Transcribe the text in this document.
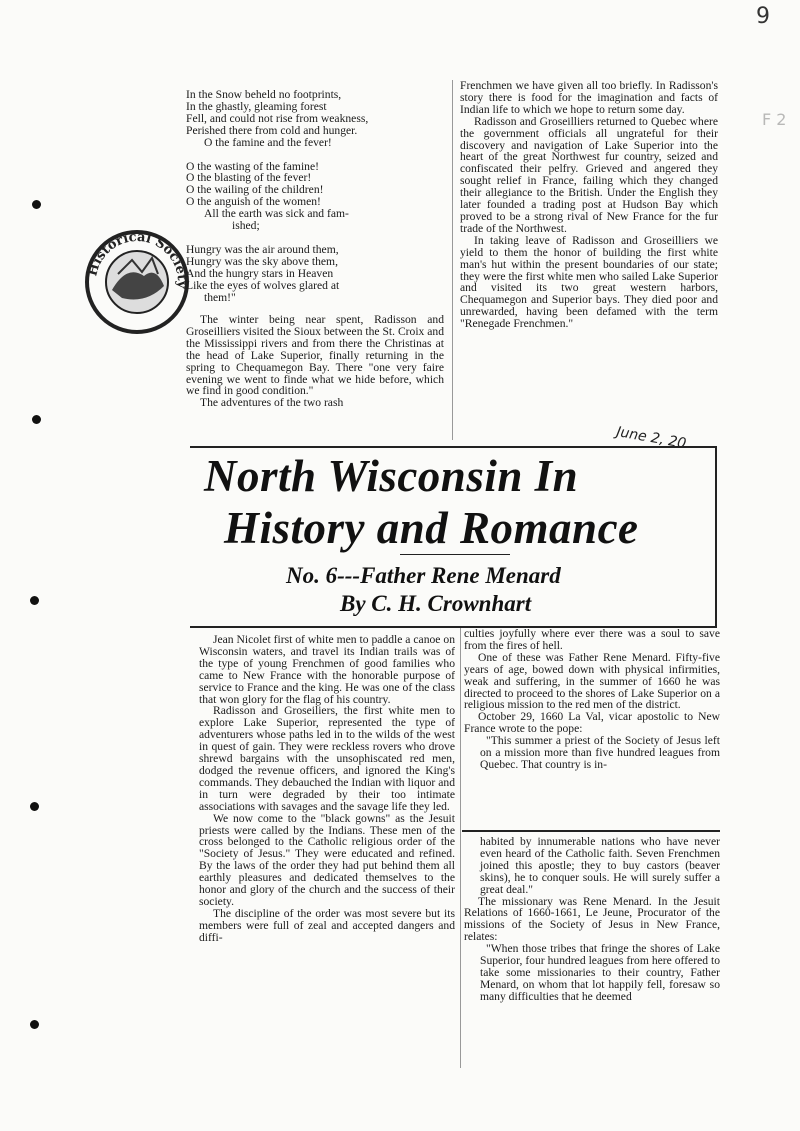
9
F 2
Historical Society
In the Snow beheld no footprints,
In the ghastly, gleaming forest
Fell, and could not rise from weakness,
Perished there from cold and hunger.
O the famine and the fever!
O the wasting of the famine!
O the blasting of the fever!
O the wailing of the children!
O the anguish of the women!
All the earth was sick and fam-
ished;
Hungry was the air around them,
Hungry was the sky above them,
And the hungry stars in Heaven
Like the eyes of wolves glared at
them!"

The winter being near spent, Radisson and Groseilliers visited the Sioux between the St. Croix and the Mississippi rivers and from there the Christinas at the head of Lake Superior, finally returning in the spring to Chequamegon Bay. There "one very faire evening we went to finde what we hide before, which we find in good condition."

The adventures of the two rash

Frenchmen we have given all too briefly. In Radisson's story there is food for the imagination and facts of Indian life to which we hope to return some day.

Radisson and Groseilliers returned to Quebec where the government officials all ungrateful for their discovery and navigation of Lake Superior into the heart of the great Northwest fur country, seized and confiscated their pelfry. Grieved and angered they sought relief in France, failing which they changed their allegiance to the British. Under the English they later founded a trading post at Hudson Bay which proved to be a strong rival of New France for the fur trade of the Northwest.

In taking leave of Radisson and Groseilliers we yield to them the honor of building the first white man's hut within the present boundaries of our state; they were the first white men who sailed Lake Superior and visited its two great western harbors, Chequamegon and Superior bays. They died poor and unrewarded, having been defamed with the term "Renegade Frenchmen."

June 2, 20
North Wisconsin In
History and Romance
No. 6---Father Rene Menard
By C. H. Crownhart

Jean Nicolet first of white men to paddle a canoe on Wisconsin waters, and travel its Indian trails was of the type of young Frenchmen of good families who came to New France with the honorable purpose of service to France and the king. He was one of the class that won glory for the flag of his country.

Radisson and Groseiliers, the first white men to explore Lake Superior, represented the type of adventurers whose paths led in to the wilds of the west in quest of gain. They were reckless rovers who drove shrewd bargains with the unsophiscated red men, dodged the revenue officers, and ignored the King's commands. They debauched the Indian with liquor and in turn were degraded by their too intimate associations with savages and the savage life they led.

We now come to the "black gowns" as the Jesuit priests were called by the Indians. These men of the cross belonged to the Catholic religious order of the "Society of Jesus." They were educated and refined. By the laws of the order they had put behind them all earthly pleasures and dedicated themselves to the honor and glory of the church and the success of their society.

The discipline of the order was most severe but its members were full of zeal and accepted dangers and diffi-

culties joyfully where ever there was a soul to save from the fires of hell.

One of these was Father Rene Menard. Fifty-five years of age, bowed down with physical infirmities, weak and suffering, in the summer of 1660 he was directed to proceed to the shores of Lake Superior on a religious mission to the red men of the district.

October 29, 1660 La Val, vicar apostolic to New France wrote to the pope:

"This summer a priest of the Society of Jesus left on a mission more than five hundred leagues from Quebec. That country is in-

habited by innumerable nations who have never even heard of the Catholic faith. Seven Frenchmen joined this apostle; they to buy castors (beaver skins), he to conquer souls. He will surely suffer a great deal."

The missionary was Rene Menard. In the Jesuit Relations of 1660-1661, Le Jeune, Procurator of the missions of the Society of Jesus in New France, relates:

"When those tribes that fringe the shores of Lake Superior, four hundred leagues from here offered to take some missionaries to their country, Father Menard, on whom that lot happily fell, foresaw so many difficulties that he deemed
